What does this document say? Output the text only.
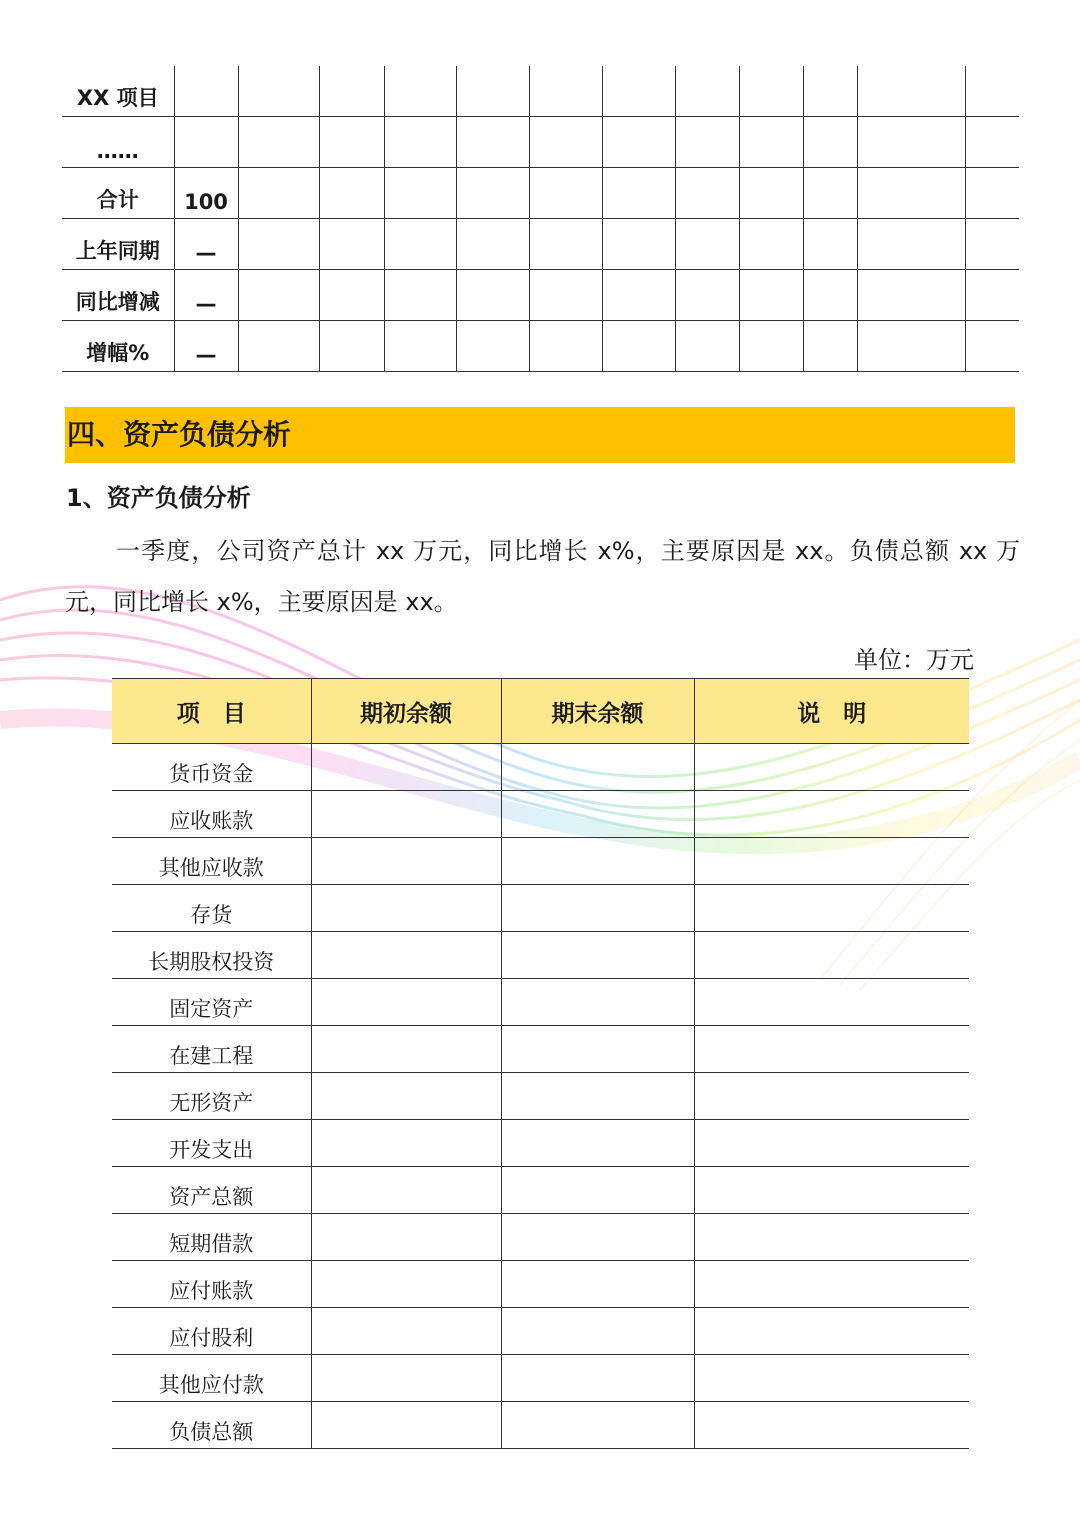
XX 项目												
……												
合计	100											
上年同期	—											
同比增减	—											
增幅%	—											
四、资产负债分析
1、资产负债分析
一季度，公司资产总计 xx 万元，同比增长 x%，主要原因是 xx。负债总额 xx 万元，同比增长 x%，主要原因是 xx。
单位：万元
项　目	期初余额	期末余额	说　明
货币资金			
应收账款			
其他应收款			
存货			
长期股权投资			
固定资产			
在建工程			
无形资产			
开发支出			
资产总额			
短期借款			
应付账款			
应付股利			
其他应付款			
负债总额			
